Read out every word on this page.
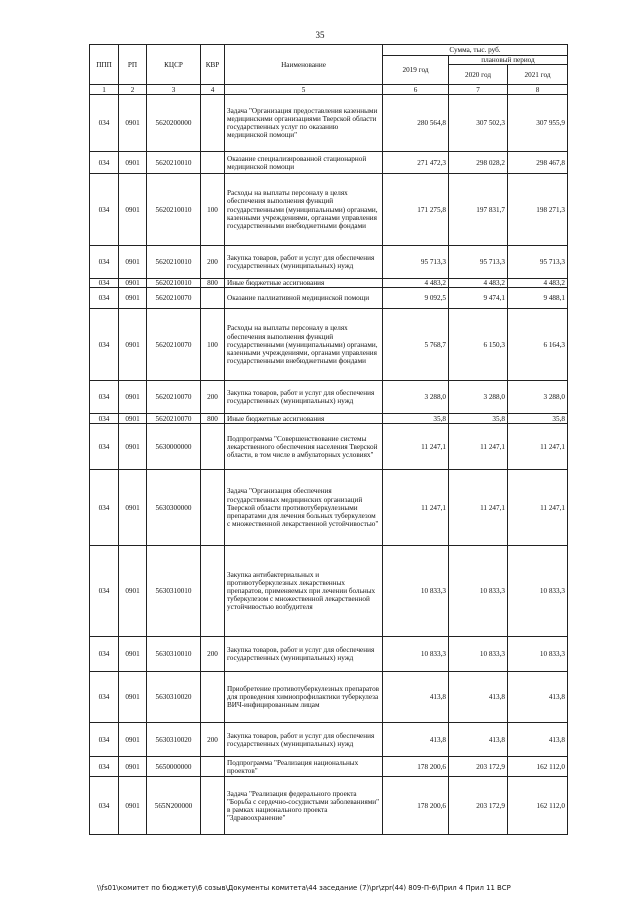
35
ППП	РП	КЦСР	КВР	Наименование	Сумма, тыс. руб.		
					2019 год	плановый период	
						2020 год	2021 год
1	2	3	4	5	6	7	8
034	0901	5620200000		Задача "Организация предоставления казенными медицинскими организациями Тверской области государственных услуг по оказанию медицинской помощи"	280 564,8	307 502,3	307 955,9
034	0901	5620210010		Оказание специализированной стационарной медицинской помощи	271 472,3	298 028,2	298 467,8
034	0901	5620210010	100	Расходы на выплаты персоналу в целях обеспечения выполнения функций государственными (муниципальными) органами, казенными учреждениями, органами управления государственными внебюджетными фондами	171 275,8	197 831,7	198 271,3
034	0901	5620210010	200	Закупка товаров, работ и услуг для обеспечения государственных (муниципальных) нужд	95 713,3	95 713,3	95 713,3
034	0901	5620210010	800	Иные бюджетные ассигнования	4 483,2	4 483,2	4 483,2
034	0901	5620210070		Оказание паллиативной медицинской помощи	9 092,5	9 474,1	9 488,1
034	0901	5620210070	100	Расходы на выплаты персоналу в целях обеспечения выполнения функций государственными (муниципальными) органами, казенными учреждениями, органами управления государственными внебюджетными фондами	5 768,7	6 150,3	6 164,3
034	0901	5620210070	200	Закупка товаров, работ и услуг для обеспечения государственных (муниципальных) нужд	3 288,0	3 288,0	3 288,0
034	0901	5620210070	800	Иные бюджетные ассигнования	35,8	35,8	35,8
034	0901	5630000000		Подпрограмма "Совершенствование системы лекарственного обеспечения населения Тверской области, в том числе в амбулаторных условиях"	11 247,1	11 247,1	11 247,1
034	0901	5630300000		Задача "Организация обеспечения государственных медицинских организаций Тверской области противотуберкулезными препаратами для лечения больных туберкулезом с множественной лекарственной устойчивостью"	11 247,1	11 247,1	11 247,1
034	0901	5630310010		Закупка антибактериальных и противотуберкулезных лекарственных препаратов, применяемых при лечении больных туберкулезом с множественной лекарственной устойчивостью возбудителя	10 833,3	10 833,3	10 833,3
034	0901	5630310010	200	Закупка товаров, работ и услуг для обеспечения государственных (муниципальных) нужд	10 833,3	10 833,3	10 833,3
034	0901	5630310020		Приобретение противотуберкулезных препаратов для проведения химиопрофилактики туберкулеза ВИЧ-инфицированным лицам	413,8	413,8	413,8
034	0901	5630310020	200	Закупка товаров, работ и услуг для обеспечения государственных (муниципальных) нужд	413,8	413,8	413,8
034	0901	5650000000		Подпрограмма "Реализация национальных проектов"	178 200,6	203 172,9	162 112,0
034	0901	565N200000		Задача "Реализация федерального проекта "Борьба с сердечно-сосудистыми заболеваниями" в рамках национального проекта "Здравоохранение"	178 200,6	203 172,9	162 112,0
\\fs01\комитет по бюджету\6 созыв\Документы комитета\44 заседание (7)\pr\zpr(44) 809-П-6\Прил 4 Прил 11 ВСР
